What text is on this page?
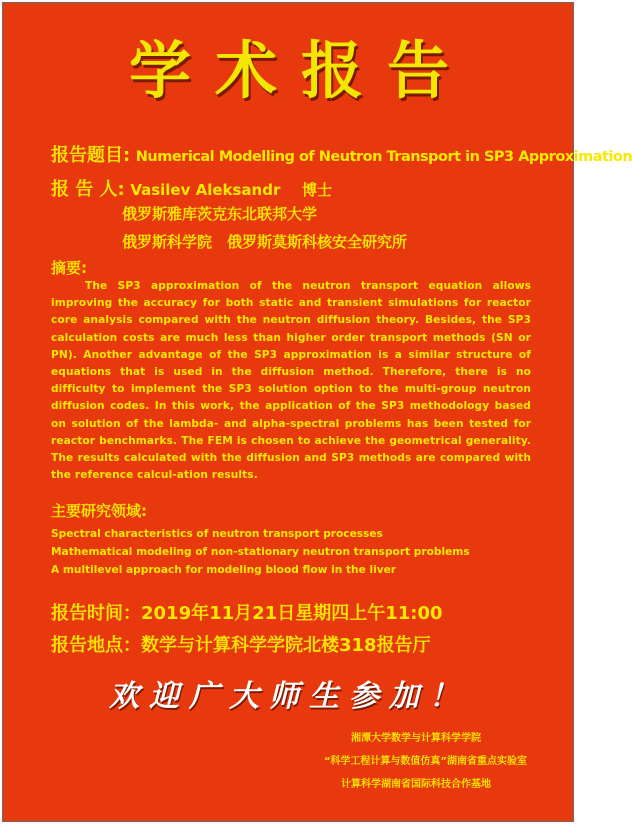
学术报告
报告题目: Numerical Modelling of Neutron Transport in SP3 Approximation
报 告 人: Vasilev Aleksandr 博士
俄罗斯雅库茨克东北联邦大学
俄罗斯科学院　俄罗斯莫斯科核安全研究所
摘要:
The SP3 approximation of the neutron transport equation allows improving the accuracy for both static and transient simulations for reactor core analysis compared with the neutron diffusion theory. Besides, the SP3 calculation costs are much less than higher order transport methods (SN or PN). Another advantage of the SP3 approximation is a similar structure of equations that is used in the diffusion method. Therefore, there is no difficulty to implement the SP3 solution option to the multi-group neutron diffusion codes. In this work, the application of the SP3 methodology based on solution of the lambda- and alpha-spectral problems has been tested for reactor benchmarks. The FEM is chosen to achieve the geometrical generality. The results calculated with the diffusion and SP3 methods are compared with the reference calcul-ation results.
主要研究领域:
Spectral characteristics of neutron transport processes
Mathematical modeling of non-stationary neutron transport problems
A multilevel approach for modeling blood flow in the liver
报告时间：2019年11月21日星期四上午11:00
报告地点：数学与计算科学学院北楼318报告厅
欢迎广大师生参加！
湘潭大学数学与计算科学学院
“科学工程计算与数值仿真”湖南省重点实验室
计算科学湖南省国际科技合作基地
